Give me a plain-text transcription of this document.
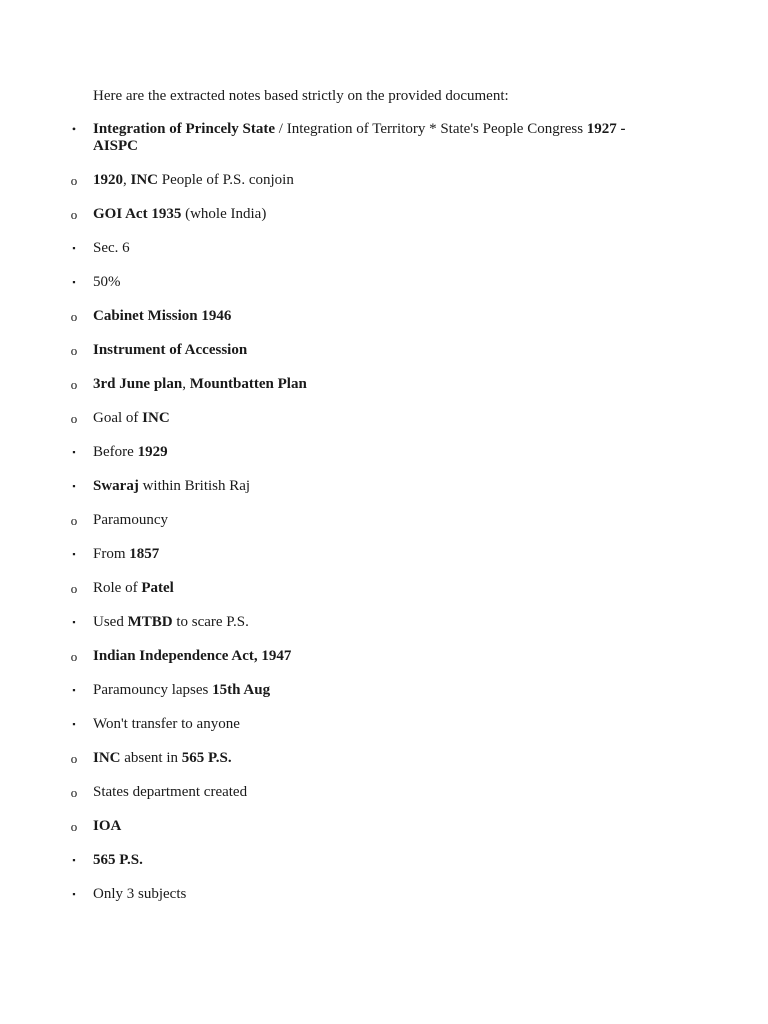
Here are the extracted notes based strictly on the provided document:

• Integration of Princely State / Integration of Territory * State's People Congress 1927 - AISPC
o 1920, INC People of P.S. conjoin
o GOI Act 1935 (whole India)
▪ Sec. 6
▪ 50%
o Cabinet Mission 1946
o Instrument of Accession
o 3rd June plan, Mountbatten Plan
o Goal of INC
▪ Before 1929
▪ Swaraj within British Raj
o Paramouncy
▪ From 1857
o Role of Patel
▪ Used MTBD to scare P.S.
o Indian Independence Act, 1947
▪ Paramouncy lapses 15th Aug
▪ Won't transfer to anyone
o INC absent in 565 P.S.
o States department created
o IOA
▪ 565 P.S.
▪ Only 3 subjects
